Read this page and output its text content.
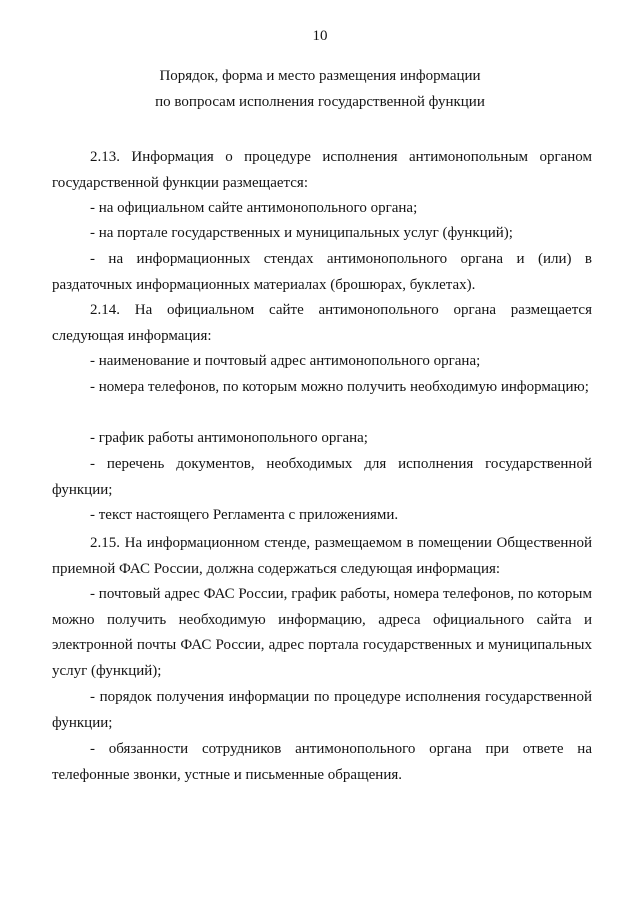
10
Порядок, форма и место размещения информации
по вопросам исполнения государственной функции

2.13. Информация о процедуре исполнения антимонопольным органом государственной функции размещается:

- на официальном сайте антимонопольного органа;

- на портале государственных и муниципальных услуг (функций);

- на информационных стендах антимонопольного органа и (или) в раздаточных информационных материалах (брошюрах, буклетах).

2.14. На официальном сайте антимонопольного органа размещается следующая информация:

- наименование и почтовый адрес антимонопольного органа;

- номера телефонов, по которым можно получить необходимую информацию;

- график работы антимонопольного органа;

- перечень документов, необходимых для исполнения государственной функции;

- текст настоящего Регламента с приложениями.

2.15. На информационном стенде, размещаемом в помещении Общественной приемной ФАС России, должна содержаться следующая информация:

- почтовый адрес ФАС России, график работы, номера телефонов, по которым можно получить необходимую информацию, адреса официального сайта и электронной почты ФАС России, адрес портала государственных и муниципальных услуг (функций);

- порядок получения информации по процедуре исполнения государственной функции;

- обязанности сотрудников антимонопольного органа при ответе на телефонные звонки, устные и письменные обращения.
